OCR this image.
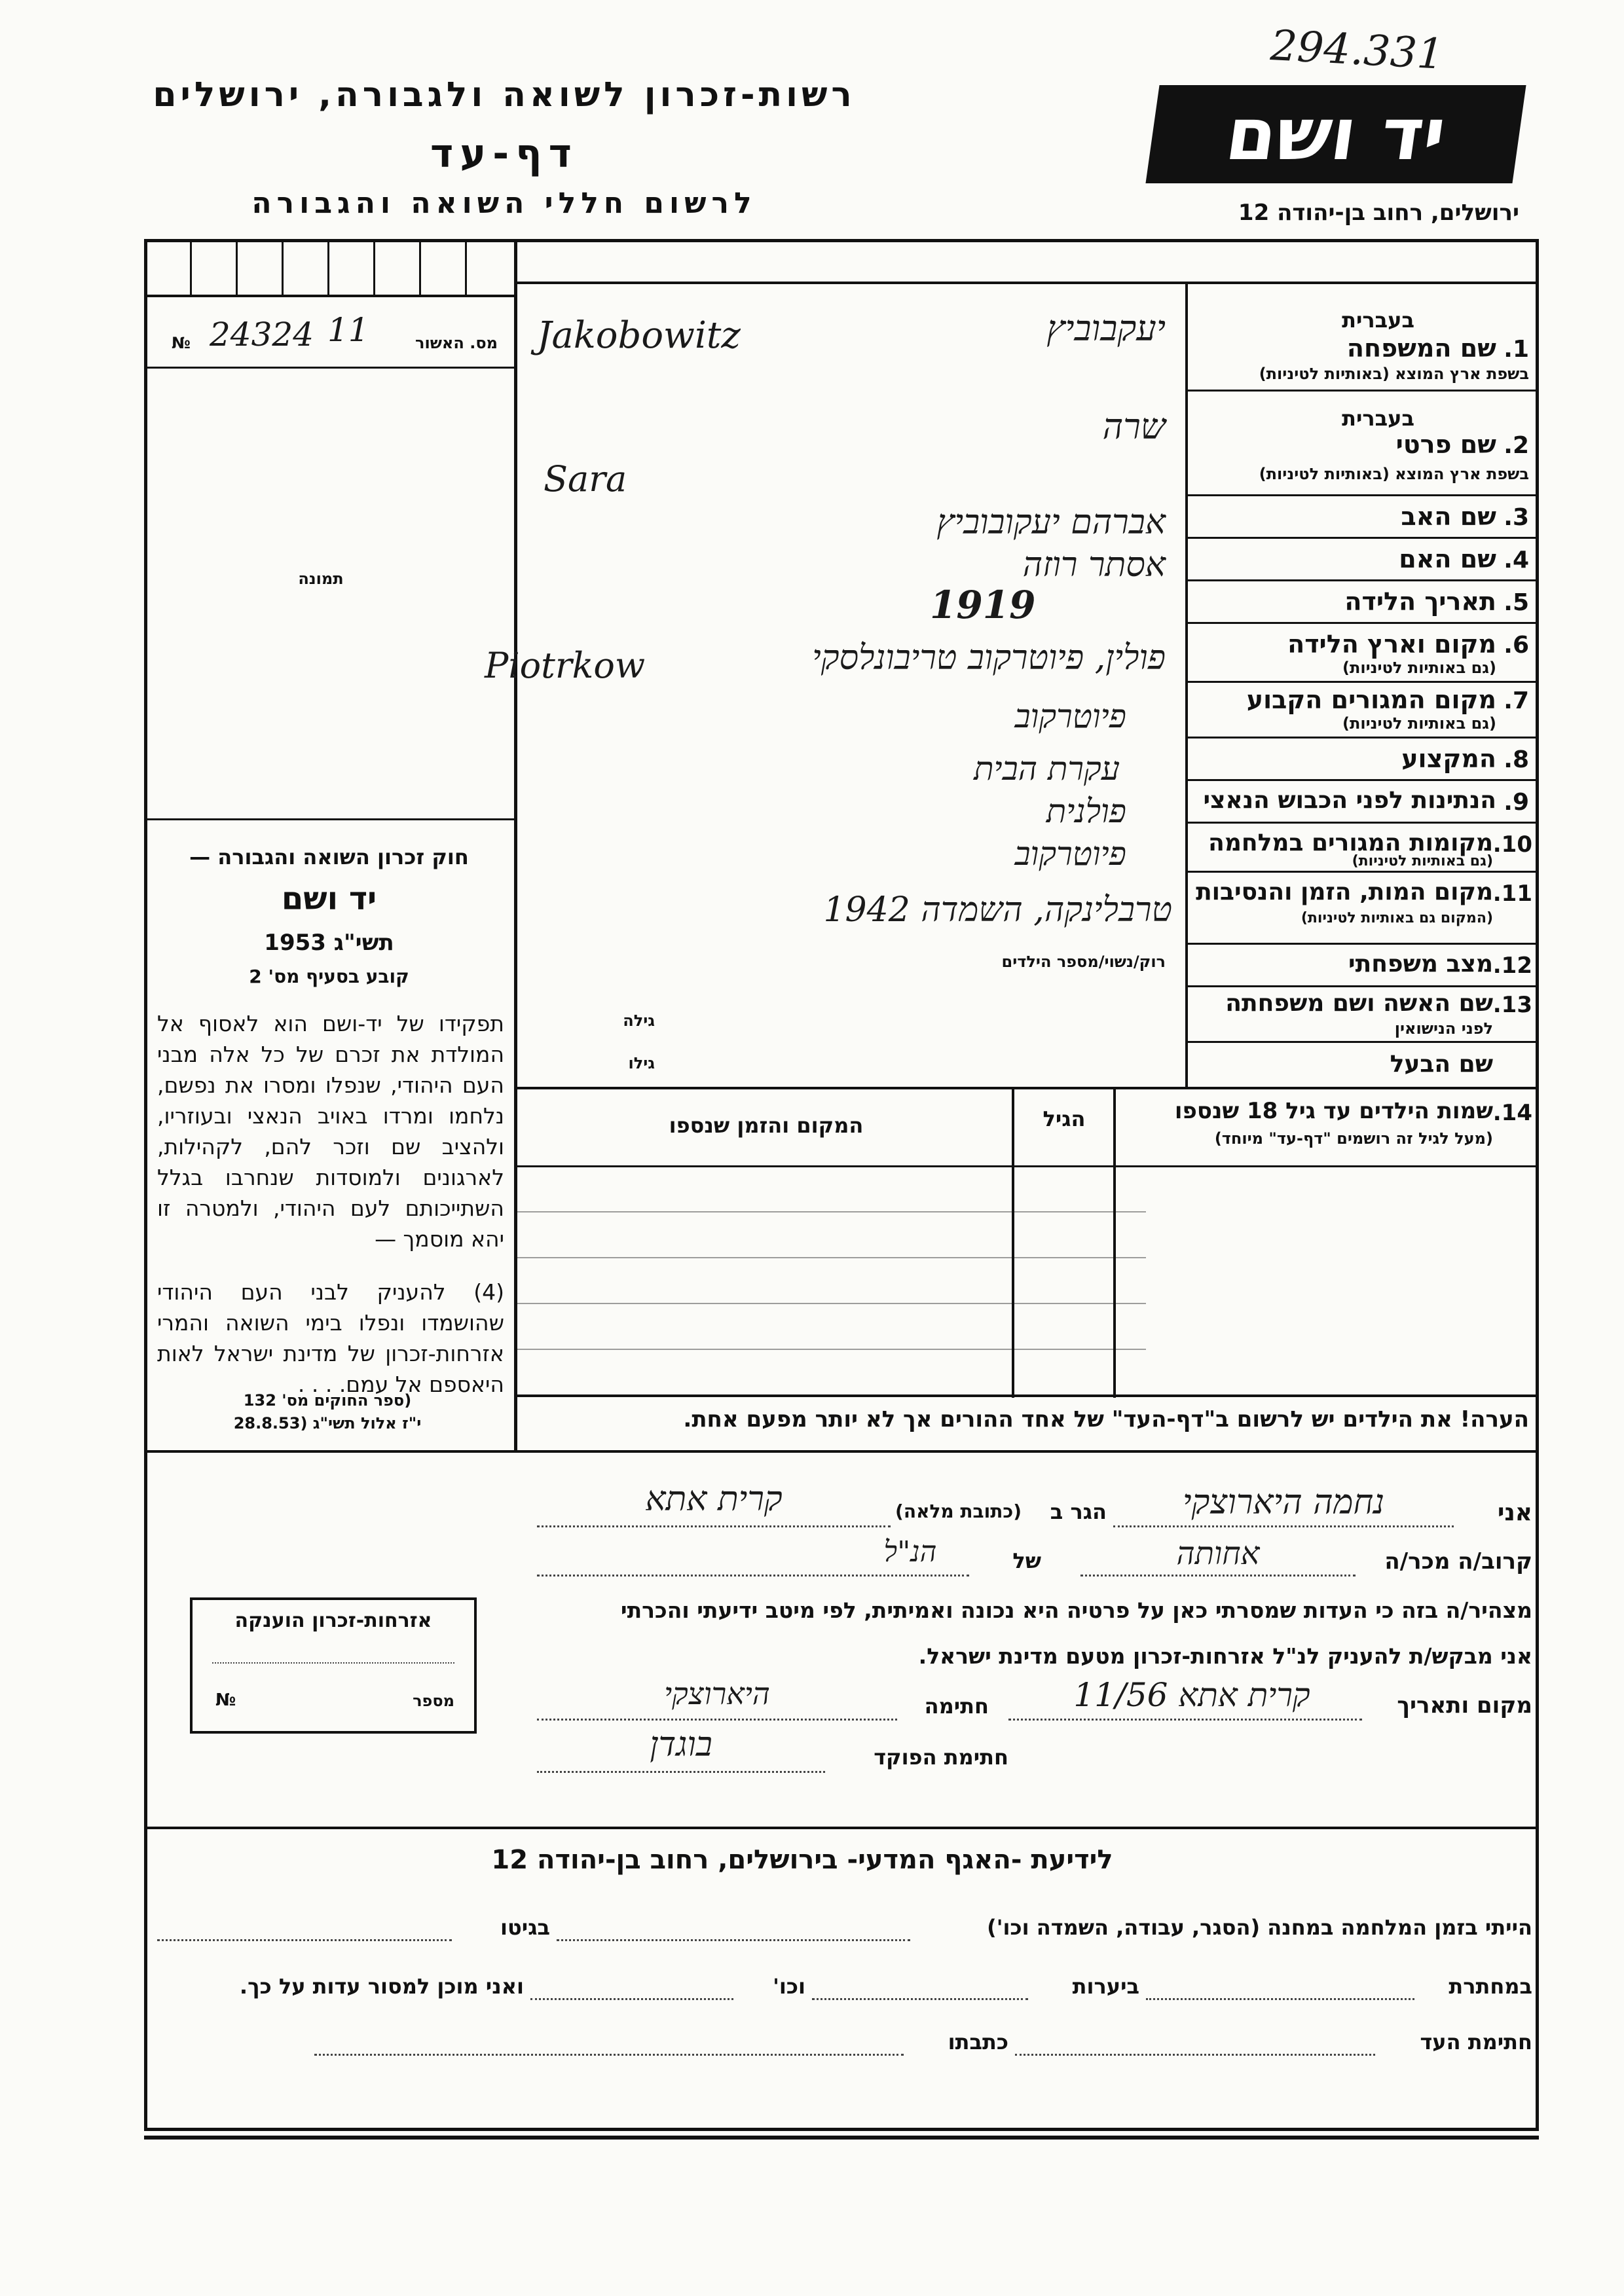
294.331
רשות-זכרון לשואה ולגבורה, ירושלים
דף-עד
לרשום חללי השואה והגבורה
יד ושם
ירושלים, רחוב בן-יהודה 12
מס. האשור
24324 11
№
תמונה
חוק זכרון השואה והגבורה —
יד ושם
תשי"ג 1953
קובע בסעיף מס' 2
תפקידו של יד-ושם הוא לאסוף אל המולדת את זכרם של כל אלה מבני העם היהודי, שנפלו ומסרו את נפשם, נלחמו ומרדו באויב הנאצי ובעוזריו, ולהציב שם וזכר להם, לקהילות, לארגונים ולמוסדות שנחרבו בגלל השתייכותם לעם היהודי, ולמטרה זו יהא מוסמך —
(4) להעניק לבני העם היהודי שהושמדו ונפלו בימי השואה והמרי אזרחות-זכרון של מדינת ישראל לאות היאספם אל עמם. . . .
(ספר החוקים מס' 132
י"ז אלול תשי"ג (28.8.53
בעברית
1.
שם המשפחה
בשפת ארץ המוצא (באותיות לטיניות)
יעקבוביץ
Jakobowitz
בעברית
2.
שם פרטי
בשפת ארץ המוצא (באותיות לטיניות)
שרה
Sara
3.
שם האב
אברהם יעקובוביץ
4.
שם האם
אסתר רוזה
5.
תאריך הלידה
1919
6.
מקום וארץ הלידה
(גם באותיות לטיניות)
פולין, פיוטרקוב טריבונלסקי
Piotrkow
7.
מקום המגורים הקבוע
(גם באותיות לטיניות)
פיוטרקוב
8.
המקצוע
עקרת הבית
9.
הנתינות לפני הכבוש הנאצי
פולנית
10.
מקומות המגורים במלחמה
(גם באותיות לטיניות)
פיוטרקוב
11.
מקום המות, הזמן והנסיבות
(המקום גם באותיות לטיניות)
טרבלינקה, השמדה 1942
רוק/נשוי/מספר הילדים	12.
מצב משפחתי
13.
שם האשה ושם משפחתה
לפני הנישואין
גילה
שם הבעל
גילו
14.
שמות הילדים עד גיל 18 שנספו
(מעל לגיל זה רושמים "דף-עד" מיוחד)
הגיל
המקום והזמן שנספו
הערה! את הילדים יש לרשום ב"דף-העד" של אחד ההורים אך לא יותר מפעם אחת.
אני
נחמה היארוצקי
הגר ב
(כתובת מלאה)
קרית אתא
קרוב/ה מכר/ה
אחותה
של
הנ"ל
מצהיר/ה בזה כי העדות שמסרתי כאן על פרטיה היא נכונה ואמיתית, לפי מיטב ידיעתי והכרתי
אני מבקש/ת להעניק לנ"ל אזרחות-זכרון מטעם מדינת ישראל.
מקום ותאריך
קרית אתא 11/56
חתימה
היארוצקי
חתימת הפוקד
בוגדן
אזרחות-זכרון הוענקה
מספר
№
לידיעת -האגף המדעי- בירושלים, רחוב בן-יהודה 12
הייתי בזמן המלחמה במחנה (הסגר, עבודה, השמדה וכו')
בגיטו
במחתרת
ביערות
וכו'
ואני מוכן למסור עדות על כך.
חתימת העד
כתבתו
